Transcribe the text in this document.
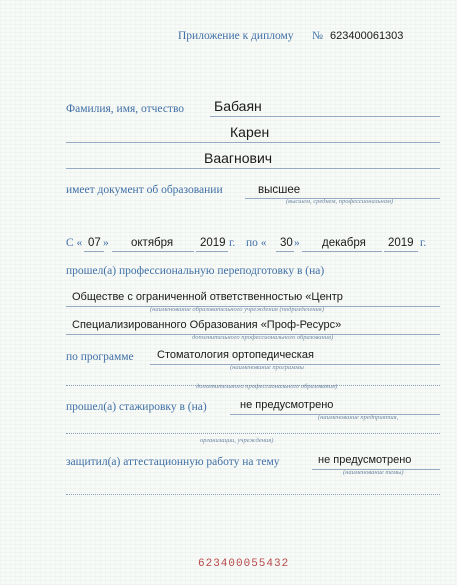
Приложение к диплому № 623400061303
Фамилия, имя, отчество Бабаян
Карен
Ваагнович
имеет документ об образовании	высшее
(высшем, среднем, профессиональном)
С « 07 » октября 2019 г. по « 30 » декабря 2019 г.
прошел(а) профессиональную переподготовку в (на)
Обществе с ограниченной ответственностью «Центр
(наименование образовательного учреждения (подразделения)
Специализированного Образования «Проф-Ресурс»
дополнительного профессионального образования)
по программе Стоматология ортопедическая
(наименование программы
дополнительного профессионального образования)
прошел(а) стажировку в (на)	не предусмотрено
(наименование предприятия,
организации, учреждения)
защитил(а) аттестационную работу на тему	не предусмотрено
(наименование темы)
623400055432
